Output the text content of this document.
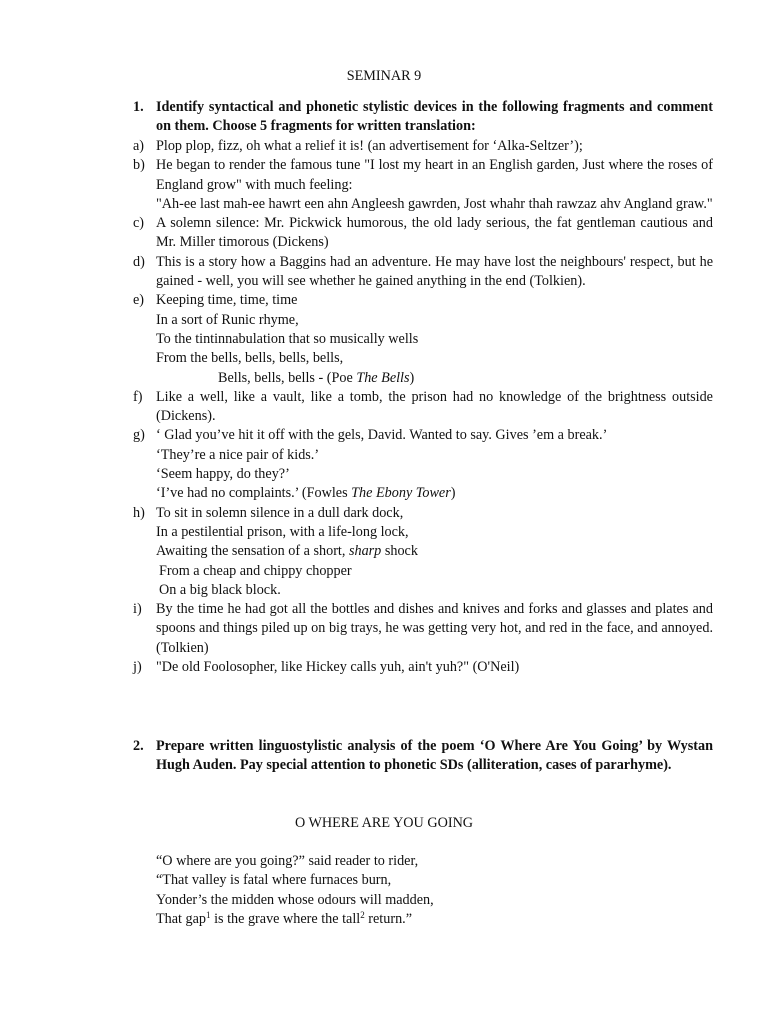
SEMINAR 9
1. Identify syntactical and phonetic stylistic devices in the following fragments and comment on them. Choose 5 fragments for written translation:
a) Plop plop, fizz, oh what a relief it is! (an advertisement for ‘Alka-Seltzer’);
b) He began to render the famous tune "I lost my heart in an English garden, Just where the roses of England grow" with much feeling:
"Ah-ee last mah-ee hawrt een ahn Angleesh gawrden, Jost whahr thah rawzaz ahv Angland graw."
c) A solemn silence: Mr. Pickwick humorous, the old lady serious, the fat gentleman cautious and Mr. Miller timorous (Dickens)
d) This is a story how a Baggins had an adventure. He may have lost the neighbours' respect, but he gained - well, you will see whether he gained anything in the end (Tolkien).
e) Keeping time, time, time
In a sort of Runic rhyme,
To the tintinnabulation that so musically wells
From the bells, bells, bells, bells,
Bells, bells, bells - (Poe The Bells)
f) Like a well, like a vault, like a tomb, the prison had no knowledge of the brightness outside (Dickens).
g) ‘ Glad you’ve hit it off with the gels, David. Wanted to say. Gives ’em a break.’
‘They’re a nice pair of kids.’
‘Seem happy, do they?’
‘I’ve had no complaints.’ (Fowles The Ebony Tower)
h) To sit in solemn silence in a dull dark dock,
In a pestilential prison, with a life-long lock,
Awaiting the sensation of a short, sharp shock
From a cheap and chippy chopper
On a big black block.
i) By the time he had got all the bottles and dishes and knives and forks and glasses and plates and spoons and things piled up on big trays, he was getting very hot, and red in the face, and annoyed. (Tolkien)
j) "De old Foolosopher, like Hickey calls yuh, ain't yuh?" (O'Neil)
2. Prepare written linguostylistic analysis of the poem ‘O Where Are You Going’ by Wystan Hugh Auden. Pay special attention to phonetic SDs (alliteration, cases of pararhyme).
O WHERE ARE YOU GOING
“O where are you going?” said reader to rider,
“That valley is fatal where furnaces burn,
Yonder’s the midden whose odours will madden,
That gap$^1$ is the grave where the tall$^2$ return.”
